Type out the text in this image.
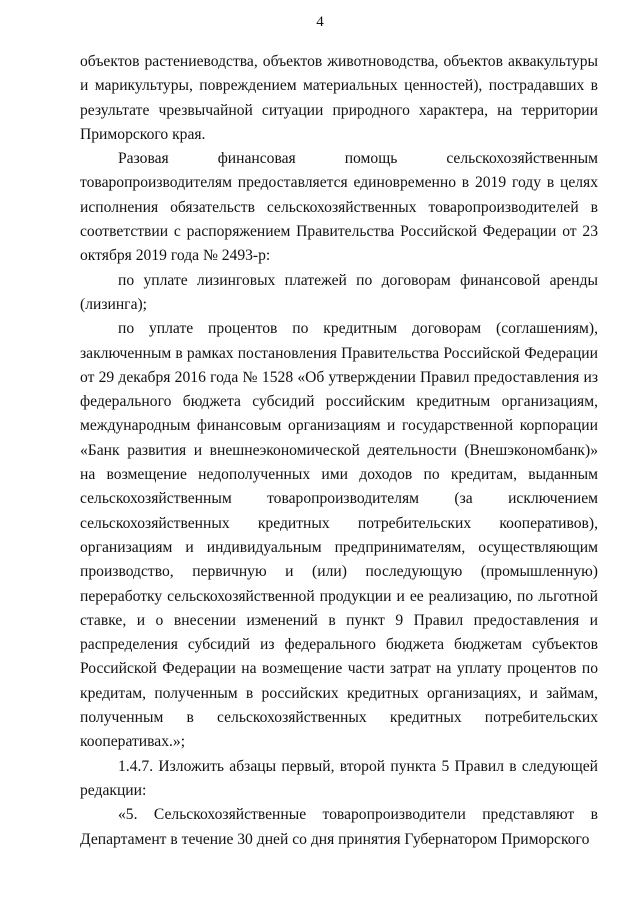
4

объектов растениеводства, объектов животноводства, объектов аквакультуры и марикультуры, повреждением материальных ценностей), пострадавших в результате чрезвычайной ситуации природного характера, на территории Приморского края.

Разовая финансовая помощь сельскохозяйственным товаропроизводителям предоставляется единовременно в 2019 году в целях исполнения обязательств сельскохозяйственных товаропроизводителей в соответствии с распоряжением Правительства Российской Федерации от 23 октября 2019 года № 2493-р:

по уплате лизинговых платежей по договорам финансовой аренды (лизинга);

по уплате процентов по кредитным договорам (соглашениям), заключенным в рамках постановления Правительства Российской Федерации от 29 декабря 2016 года № 1528 «Об утверждении Правил предоставления из федерального бюджета субсидий российским кредитным организациям, международным финансовым организациям и государственной корпорации «Банк развития и внешнеэкономической деятельности (Внешэкономбанк)» на возмещение недополученных ими доходов по кредитам, выданным сельскохозяйственным товаропроизводителям (за исключением сельскохозяйственных кредитных потребительских кооперативов), организациям и индивидуальным предпринимателям, осуществляющим производство, первичную и (или) последующую (промышленную) переработку сельскохозяйственной продукции и ее реализацию, по льготной ставке, и о внесении изменений в пункт 9 Правил предоставления и распределения субсидий из федерального бюджета бюджетам субъектов Российской Федерации на возмещение части затрат на уплату процентов по кредитам, полученным в российских кредитных организациях, и займам, полученным в сельскохозяйственных кредитных потребительских кооперативах.»;

1.4.7. Изложить абзацы первый, второй пункта 5 Правил в следующей редакции:

«5. Сельскохозяйственные товаропроизводители представляют в Департамент в течение 30 дней со дня принятия Губернатором Приморского
